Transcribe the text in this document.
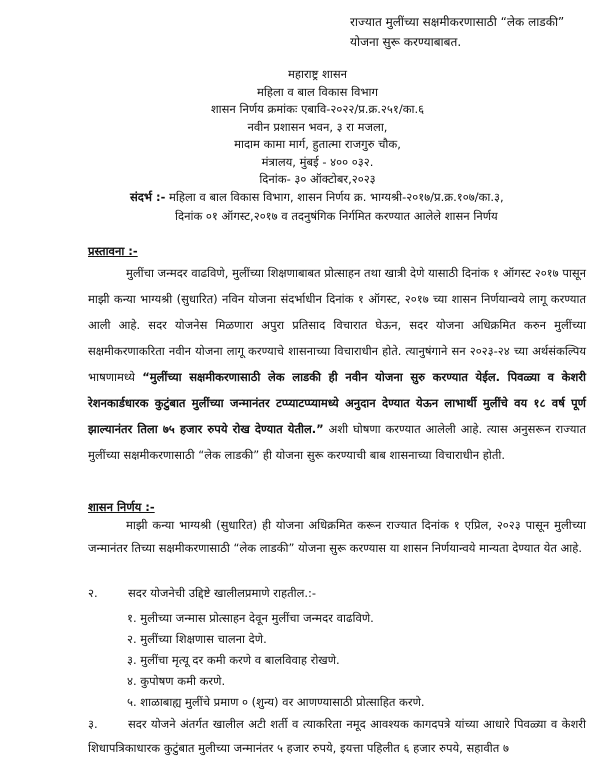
राज्यात मुलींच्या सक्षमीकरणासाठी “लेक लाडकी”
योजना सुरू करण्याबाबत.
महाराष्ट्र शासन
महिला व बाल विकास विभाग
शासन निर्णय क्रमांकः एबावि-२०२२/प्र.क्र.२५१/का.६
नवीन प्रशासन भवन, ३ रा मजला,
मादाम कामा मार्ग, हुतात्मा राजगुरु चौक,
मंत्रालय, मुंबई - ४०० ०३२.
दिनांक- ३० ऑक्टोबर,२०२३
संदर्भ :- महिला व बाल विकास विभाग, शासन निर्णय क्र. भाग्यश्री-२०१७/प्र.क्र.१०७/का.३,
दिनांक ०१ ऑगस्ट,२०१७ व तदनुषंगिक निर्गमित करण्यात आलेले शासन निर्णय
प्रस्तावना :-
मुलींचा जन्मदर वाढविणे, मुलींच्या शिक्षणाबाबत प्रोत्साहन तथा खात्री देणे यासाठी दिनांक १ ऑगस्ट २०१७ पासून माझी कन्या भाग्यश्री (सुधारित) नविन योजना संदर्भाधीन दिनांक १ ऑगस्ट, २०१७ च्या शासन निर्णयान्वये लागू करण्यात आली आहे. सदर योजनेस मिळणारा अपुरा प्रतिसाद विचारात घेऊन, सदर योजना अधिक्रमित करुन मुलींच्या सक्षमीकरणाकरिता नवीन योजना लागू करण्याचे शासनाच्या विचाराधीन होते. त्यानुषंगाने सन २०२३-२४ च्या अर्थसंकल्पिय भाषणामध्ये “मुलींच्या सक्षमीकरणासाठी लेक लाडकी ही नवीन योजना सुरु करण्यात येईल. पिवळ्या व केशरी रेशनकार्डधारक कुटुंबात मुलींच्या जन्मानंतर टप्प्याटप्प्यामध्ये अनुदान देण्यात येऊन लाभार्थी मुलींचे वय १८ वर्ष पूर्ण झाल्यानंतर तिला ७५ हजार रुपये रोख देण्यात येतील.” अशी घोषणा करण्यात आलेली आहे. त्यास अनुसरून राज्यात मुलींच्या सक्षमीकरणासाठी “लेक लाडकी” ही योजना सुरू करण्याची बाब शासनाच्या विचाराधीन होती.
शासन निर्णय :-
माझी कन्या भाग्यश्री (सुधारित) ही योजना अधिक्रमित करून राज्यात दिनांक १ एप्रिल, २०२३ पासून मुलीच्या जन्मानंतर तिच्या सक्षमीकरणासाठी “लेक लाडकी” योजना सुरू करण्यास या शासन निर्णयान्वये मान्यता देण्यात येत आहे.
२.	सदर योजनेची उद्दिष्टे खालीलप्रमाणे राहतील.:-
१. मुलीच्या जन्मास प्रोत्साहन देवून मुलींचा जन्मदर वाढविणे.
२. मुलींच्या शिक्षणास चालना देणे.
३. मुलींचा मृत्यू दर कमी करणे व बालविवाह रोखणे.
४. कुपोषण कमी करणे.
५. शाळाबाह्य मुलींचे प्रमाण ० (शुन्य) वर आणण्यासाठी प्रोत्साहित करणे.
३.	सदर योजने अंतर्गत खालील अटी शर्ती व त्याकरिता नमूद आवश्यक कागदपत्रे यांच्या आधारे पिवळ्या व केशरी शिधापत्रिकाधारक कुटुंबात मुलीच्या जन्मानंतर ५ हजार रुपये, इयत्ता पहिलीत ६ हजार रुपये, सहावीत ७
